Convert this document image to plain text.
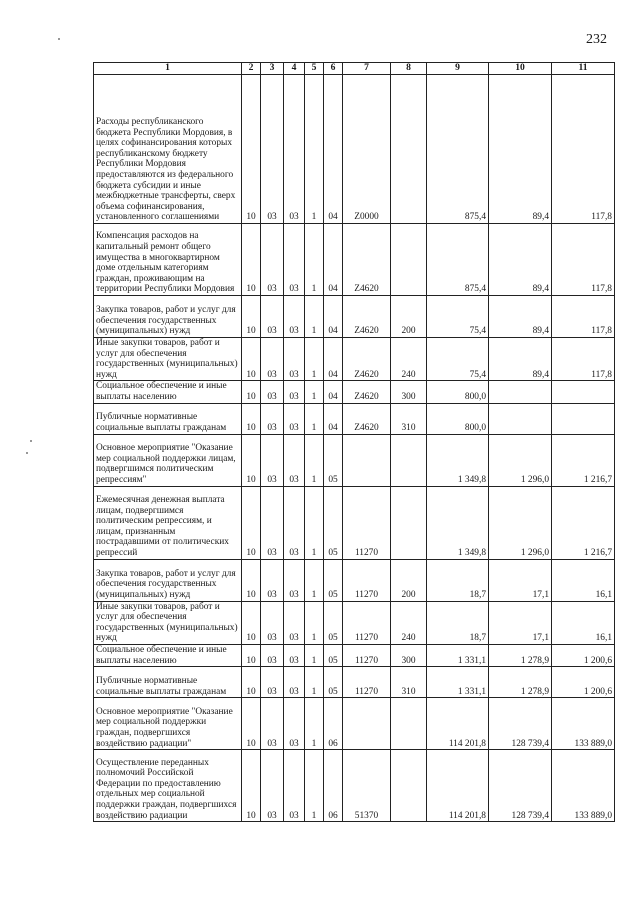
232
1	2	3	4	5	6	7	8	9	10	11
Расходы республиканского бюджета Республики Мордовия, в целях софинансирования которых республиканскому бюджету Республики Мордовия предоставляются из федерального бюджета субсидии и иные межбюджетные трансферты, сверх объема софинансирования, установленного соглашениями	10	03	03	1	04	Z0000		875,4	89,4	117,8
Компенсация расходов на капитальный ремонт общего имущества в многоквартирном доме отдельным категориям граждан, проживающим на территории Республики Мордовия	10	03	03	1	04	Z4620		875,4	89,4	117,8
Закупка товаров, работ и услуг для обеспечения государственных (муниципальных) нужд	10	03	03	1	04	Z4620	200	75,4	89,4	117,8
Иные закупки товаров, работ и услуг для обеспечения государственных (муниципальных) нужд	10	03	03	1	04	Z4620	240	75,4	89,4	117,8
Социальное обеспечение и иные выплаты населению	10	03	03	1	04	Z4620	300	800,0		
Публичные нормативные социальные выплаты гражданам	10	03	03	1	04	Z4620	310	800,0		
Основное мероприятие "Оказание мер социальной поддержки лицам, подвергшимся политическим репрессиям"	10	03	03	1	05			1 349,8	1 296,0	1 216,7
Ежемесячная денежная выплата лицам, подвергшимся политическим репрессиям, и лицам, признанным пострадавшими от политических репрессий	10	03	03	1	05	11270		1 349,8	1 296,0	1 216,7
Закупка товаров, работ и услуг для обеспечения государственных (муниципальных) нужд	10	03	03	1	05	11270	200	18,7	17,1	16,1
Иные закупки товаров, работ и услуг для обеспечения государственных (муниципальных) нужд	10	03	03	1	05	11270	240	18,7	17,1	16,1
Социальное обеспечение и иные выплаты населению	10	03	03	1	05	11270	300	1 331,1	1 278,9	1 200,6
Публичные нормативные социальные выплаты гражданам	10	03	03	1	05	11270	310	1 331,1	1 278,9	1 200,6
Основное мероприятие "Оказание мер социальной поддержки граждан, подвергшихся воздействию радиации"	10	03	03	1	06			114 201,8	128 739,4	133 889,0
Осуществление переданных полномочий Российской Федерации по предоставлению отдельных мер социальной поддержки граждан, подвергшихся воздействию радиации	10	03	03	1	06	51370		114 201,8	128 739,4	133 889,0
